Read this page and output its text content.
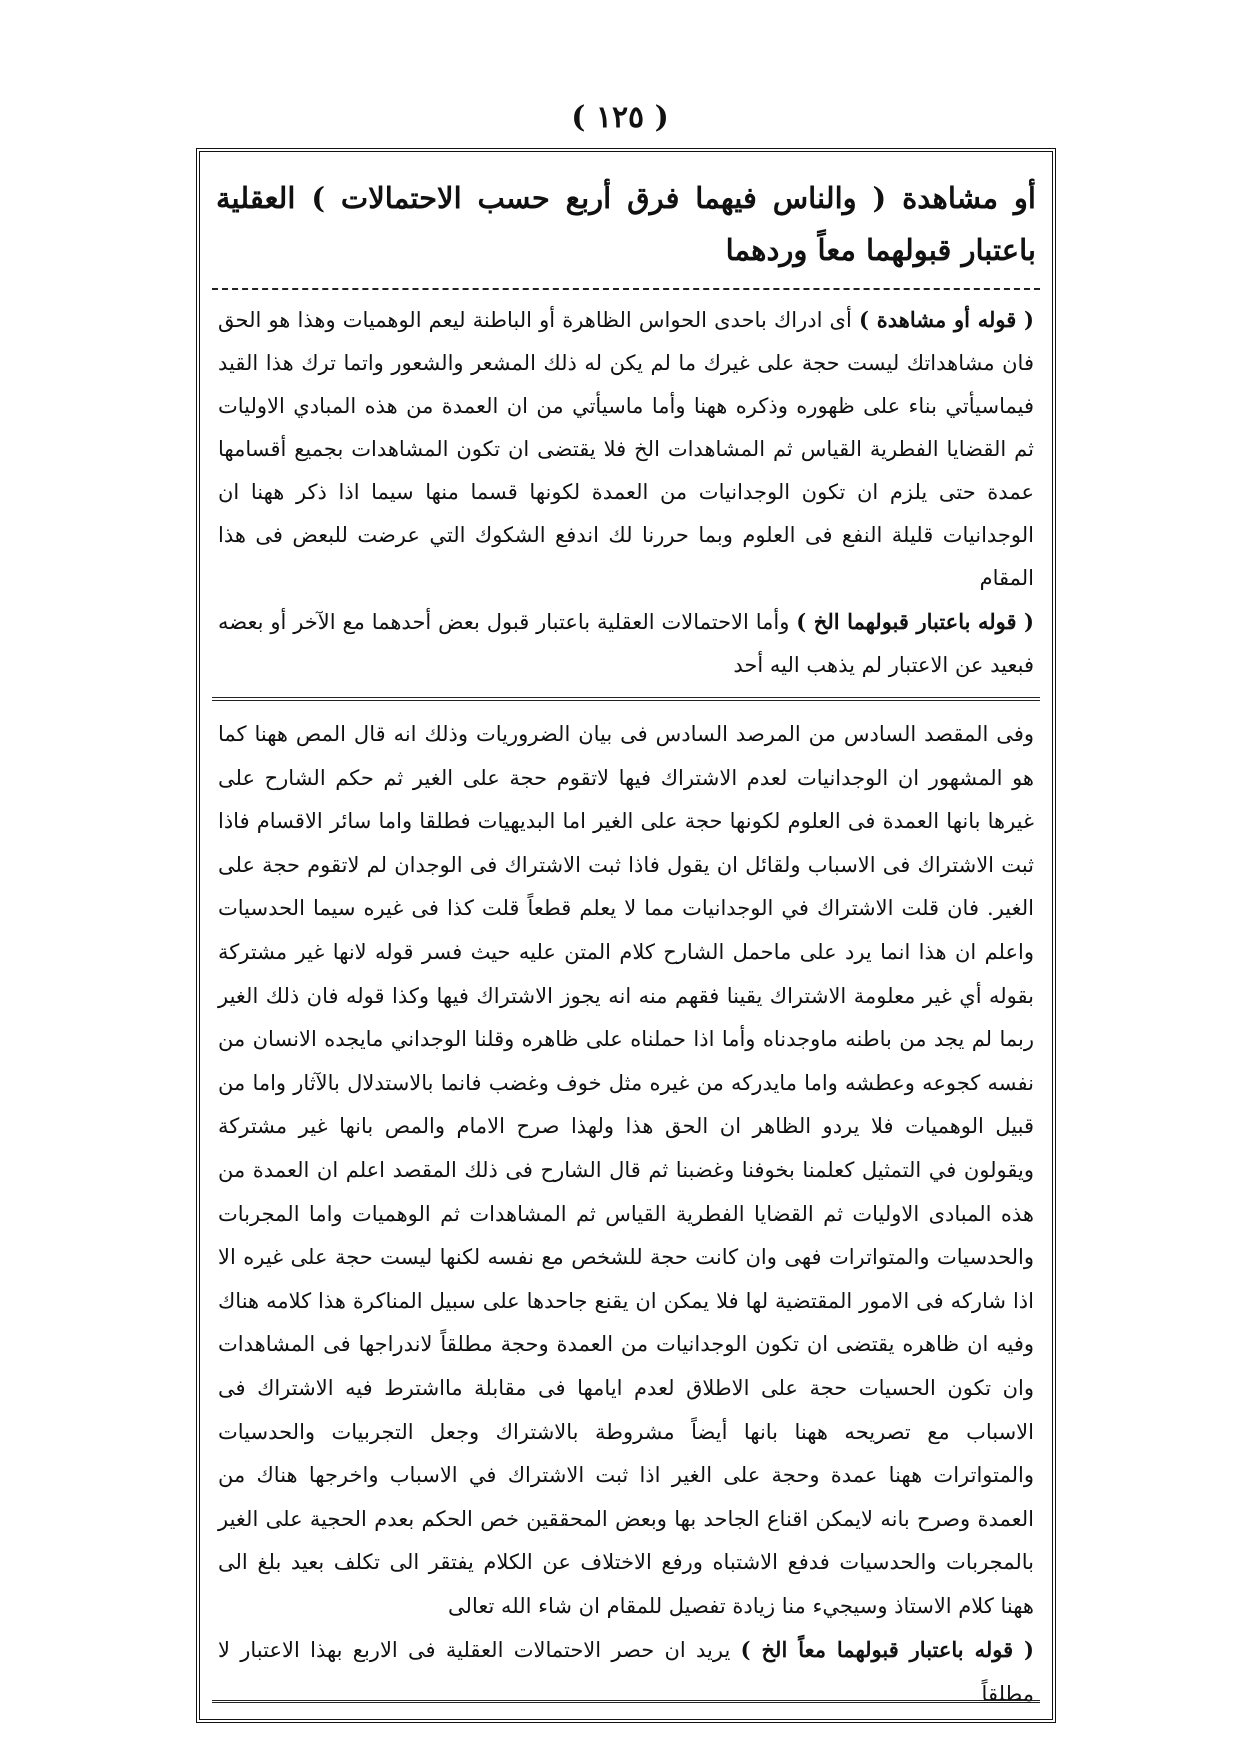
( ١٢٥ )
أو مشاهدة ( والناس فيهما فرق أربع حسب الاحتمالات ) العقلية باعتبار قبولهما معاً وردهما

( قوله أو مشاهدة ) أى ادراك باحدى الحواس الظاهرة أو الباطنة ليعم الوهميات وهذا هو الحق فان مشاهداتك ليست حجة على غيرك ما لم يكن له ذلك المشعر والشعور واتما ترك هذا القيد فيماسيأتي بناء على ظهوره وذكره ههنا وأما ماسيأتي من ان العمدة من هذه المبادي الاوليات ثم القضايا الفطرية القياس ثم المشاهدات الخ فلا يقتضى ان تكون المشاهدات بجميع أقسامها عمدة حتى يلزم ان تكون الوجدانيات من العمدة لكونها قسما منها سيما اذا ذكر ههنا ان الوجدانيات قليلة النفع فى العلوم وبما حررنا لك اندفع الشكوك التي عرضت للبعض فى هذا المقام

( قوله باعتبار قبولهما الخ ) وأما الاحتمالات العقلية باعتبار قبول بعض أحدهما مع الآخر أو بعضه فبعيد عن الاعتبار لم يذهب اليه أحد

وفى المقصد السادس من المرصد السادس فى بيان الضروريات وذلك انه قال المص ههنا كما هو المشهور ان الوجدانيات لعدم الاشتراك فيها لاتقوم حجة على الغير ثم حكم الشارح على غيرها بانها العمدة فى العلوم لكونها حجة على الغير اما البديهيات فطلقا واما سائر الاقسام فاذا ثبت الاشتراك فى الاسباب ولقائل ان يقول فاذا ثبت الاشتراك فى الوجدان لم لاتقوم حجة على الغير. فان قلت الاشتراك في الوجدانيات مما لا يعلم قطعاً قلت كذا فى غيره سيما الحدسيات واعلم ان هذا انما يرد على ماحمل الشارح كلام المتن عليه حيث فسر قوله لانها غير مشتركة بقوله أي غير معلومة الاشتراك يقينا فقهم منه انه يجوز الاشتراك فيها وكذا قوله فان ذلك الغير ربما لم يجد من باطنه ماوجدناه وأما اذا حملناه على ظاهره وقلنا الوجداني مايجده الانسان من نفسه كجوعه وعطشه واما مايدركه من غيره مثل خوف وغضب فانما بالاستدلال بالآثار واما من قبيل الوهميات فلا يردو الظاهر ان الحق هذا ولهذا صرح الامام والمص بانها غير مشتركة ويقولون في التمثيل كعلمنا بخوفنا وغضبنا ثم قال الشارح فى ذلك المقصد اعلم ان العمدة من هذه المبادى الاوليات ثم القضايا الفطرية القياس ثم المشاهدات ثم الوهميات واما المجربات والحدسيات والمتواترات فهى وان كانت حجة للشخص مع نفسه لكنها ليست حجة على غيره الا اذا شاركه فى الامور المقتضية لها فلا يمكن ان يقنع جاحدها على سبيل المناكرة هذا كلامه هناك وفيه ان ظاهره يقتضى ان تكون الوجدانيات من العمدة وحجة مطلقاً لاندراجها فى المشاهدات وان تكون الحسيات حجة على الاطلاق لعدم ايامها فى مقابلة مااشترط فيه الاشتراك فى الاسباب مع تصريحه ههنا بانها أيضاً مشروطة بالاشتراك وجعل التجربيات والحدسيات والمتواترات ههنا عمدة وحجة على الغير اذا ثبت الاشتراك في الاسباب واخرجها هناك من العمدة وصرح بانه لايمكن اقناع الجاحد بها وبعض المحققين خص الحكم بعدم الحجية على الغير بالمجربات والحدسيات فدفع الاشتباه ورفع الاختلاف عن الكلام يفتقر الى تكلف بعيد بلغ الى ههنا كلام الاستاذ وسيجيء منا زيادة تفصيل للمقام ان شاء الله تعالى

( قوله باعتبار قبولهما معاً الخ ) يريد ان حصر الاحتمالات العقلية فى الاربع بهذا الاعتبار لا مطلقاً
